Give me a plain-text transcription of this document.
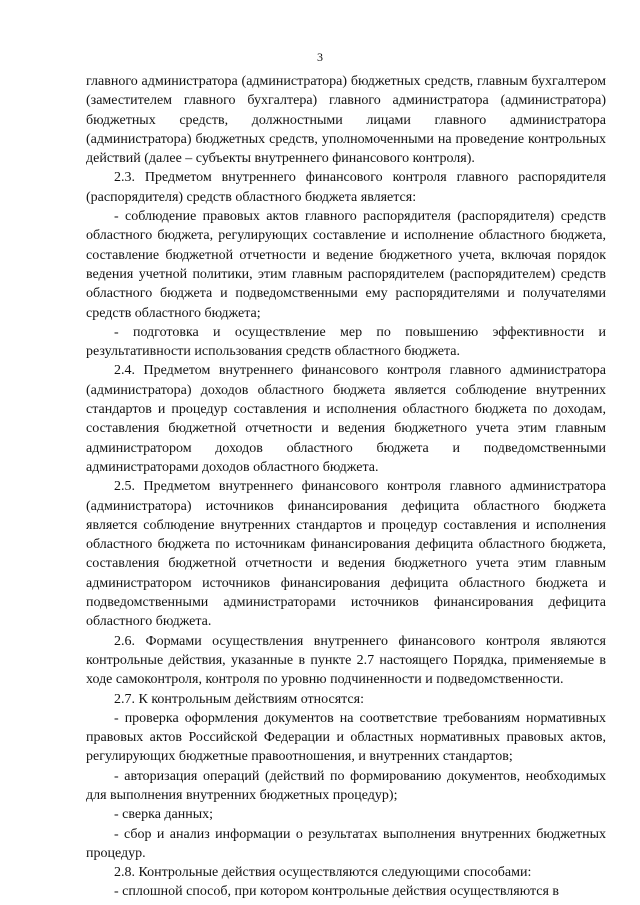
3

главного администратора (администратора) бюджетных средств, главным бухгалтером (заместителем главного бухгалтера) главного администратора (администратора) бюджетных средств, должностными лицами главного администратора (администратора) бюджетных средств, уполномоченными на проведение контрольных действий (далее – субъекты внутреннего финансового контроля).

2.3. Предметом внутреннего финансового контроля главного распорядителя (распорядителя) средств областного бюджета является:

- соблюдение правовых актов главного распорядителя (распорядителя) средств областного бюджета, регулирующих составление и исполнение областного бюджета, составление бюджетной отчетности и ведение бюджетного учета, включая порядок ведения учетной политики, этим главным распорядителем (распорядителем) средств областного бюджета и подведомственными ему распорядителями и получателями средств областного бюджета;

- подготовка и осуществление мер по повышению эффективности и результативности использования средств областного бюджета.

2.4. Предметом внутреннего финансового контроля главного администратора (администратора) доходов областного бюджета является соблюдение внутренних стандартов и процедур составления и исполнения областного бюджета по доходам, составления бюджетной отчетности и ведения бюджетного учета этим главным администратором доходов областного бюджета и подведомственными администраторами доходов областного бюджета.

2.5. Предметом внутреннего финансового контроля главного администратора (администратора) источников финансирования дефицита областного бюджета является соблюдение внутренних стандартов и процедур составления и исполнения областного бюджета по источникам финансирования дефицита областного бюджета, составления бюджетной отчетности и ведения бюджетного учета этим главным администратором источников финансирования дефицита областного бюджета и подведомственными администраторами источников финансирования дефицита областного бюджета.

2.6. Формами осуществления внутреннего финансового контроля являются контрольные действия, указанные в пункте 2.7 настоящего Порядка, применяемые в ходе самоконтроля, контроля по уровню подчиненности и подведомственности.

2.7. К контрольным действиям относятся:

- проверка оформления документов на соответствие требованиям нормативных правовых актов Российской Федерации и областных нормативных правовых актов, регулирующих бюджетные правоотношения, и внутренних стандартов;

- авторизация операций (действий по формированию документов, необходимых для выполнения внутренних бюджетных процедур);

- сверка данных;

- сбор и анализ информации о результатах выполнения внутренних бюджетных процедур.

2.8. Контрольные действия осуществляются следующими способами:

- сплошной способ, при котором контрольные действия осуществляются в
